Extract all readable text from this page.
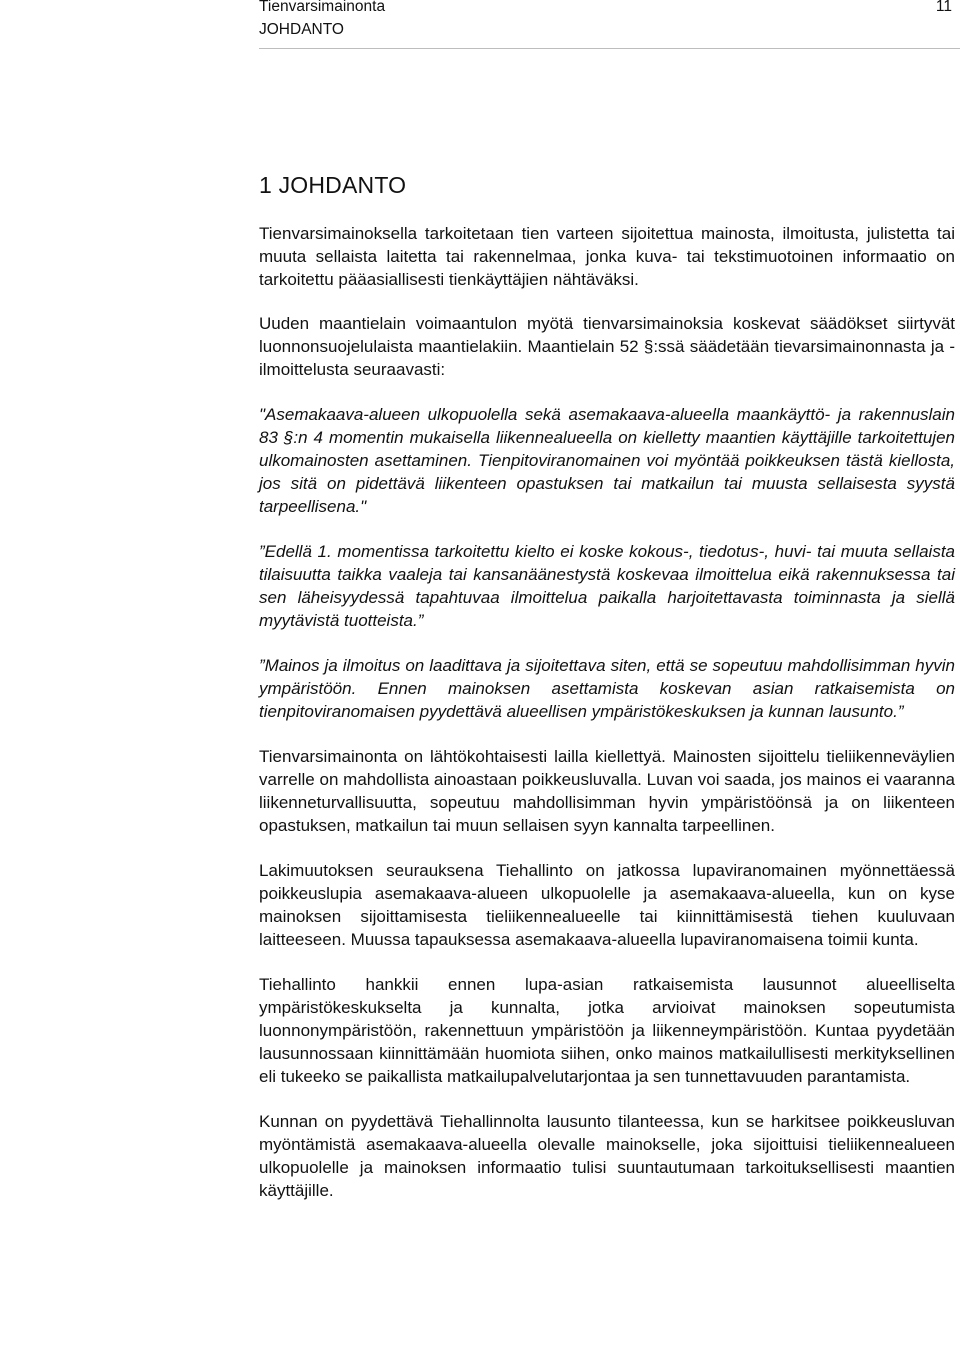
Tienvarsimainonta
JOHDANTO
11
1 JOHDANTO

Tienvarsimainoksella tarkoitetaan tien varteen sijoitettua mainosta, ilmoitusta, julistetta tai muuta sellaista laitetta tai rakennelmaa, jonka kuva- tai tekstimuotoinen informaatio on tarkoitettu pääasiallisesti tienkäyttäjien nähtäväksi.

Uuden maantielain voimaantulon myötä tienvarsimainoksia koskevat säädökset siirtyvät luonnonsuojelulaista maantielakiin. Maantielain 52 §:ssä säädetään tievarsimainonnasta ja -ilmoittelusta seuraavasti:

"Asemakaava-alueen ulkopuolella sekä asemakaava-alueella maankäyttö- ja rakennuslain 83 §:n 4 momentin mukaisella liikennealueella on kielletty maantien käyttäjille tarkoitettujen ulkomainosten asettaminen. Tienpitoviranomainen voi myöntää poikkeuksen tästä kiellosta, jos sitä on pidettävä liikenteen opastuksen tai matkailun tai muusta sellaisesta syystä tarpeellisena."

”Edellä 1. momentissa tarkoitettu kielto ei koske kokous-, tiedotus-, huvi- tai muuta sellaista tilaisuutta taikka vaaleja tai kansanäänestystä koskevaa ilmoittelua eikä rakennuksessa tai sen läheisyydessä tapahtuvaa ilmoittelua paikalla harjoitettavasta toiminnasta ja siellä myytävistä tuotteista.”

”Mainos ja ilmoitus on laadittava ja sijoitettava siten, että se sopeutuu mahdollisimman hyvin ympäristöön. Ennen mainoksen asettamista koskevan asian ratkaisemista on tienpitoviranomaisen pyydettävä alueellisen ympäristökeskuksen ja kunnan lausunto.”

Tienvarsimainonta on lähtökohtaisesti lailla kiellettyä. Mainosten sijoittelu tieliikenneväylien varrelle on mahdollista ainoastaan poikkeusluvalla. Luvan voi saada, jos mainos ei vaaranna liikenneturvallisuutta, sopeutuu mahdollisimman hyvin ympäristöönsä ja on liikenteen opastuksen, matkailun tai muun sellaisen syyn kannalta tarpeellinen.

Lakimuutoksen seurauksena Tiehallinto on jatkossa lupaviranomainen myönnettäessä poikkeuslupia asemakaava-alueen ulkopuolelle ja asemakaava-alueella, kun on kyse mainoksen sijoittamisesta tieliikennealueelle tai kiinnittämisestä tiehen kuuluvaan laitteeseen. Muussa tapauksessa asemakaava-alueella lupaviranomaisena toimii kunta.

Tiehallinto hankkii ennen lupa-asian ratkaisemista lausunnot alueelliselta ympäristökeskukselta ja kunnalta, jotka arvioivat mainoksen sopeutumista luonnonympäristöön, rakennettuun ympäristöön ja liikenneympäristöön. Kuntaa pyydetään lausunnossaan kiinnittämään huomiota siihen, onko mainos matkailullisesti merkityksellinen eli tukeeko se paikallista matkailupalvelutarjontaa ja sen tunnettavuuden parantamista.

Kunnan on pyydettävä Tiehallinnolta lausunto tilanteessa, kun se harkitsee poikkeusluvan myöntämistä asemakaava-alueella olevalle mainokselle, joka sijoittuisi tieliikennealueen ulkopuolelle ja mainoksen informaatio tulisi suuntautumaan tarkoituksellisesti maantien käyttäjille.
